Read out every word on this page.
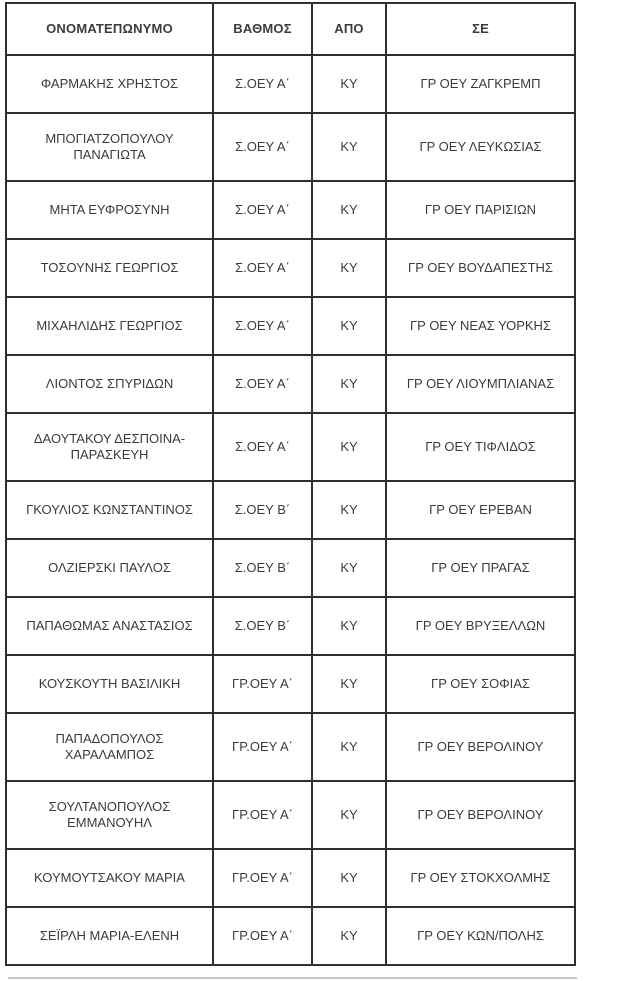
ΟΝΟΜΑΤΕΠΩΝΥΜΟ	ΒΑΘΜΟΣ	ΑΠΟ	ΣΕ
ΦΑΡΜΑΚΗΣ ΧΡΗΣΤΟΣ	Σ.ΟΕΥ Α΄	ΚΥ	ΓΡ ΟΕΥ ΖΑΓΚΡΕΜΠ
ΜΠΟΓΙΑΤΖΟΠΟΥΛΟΥ ΠΑΝΑΓΙΩΤΑ	Σ.ΟΕΥ Α΄	ΚΥ	ΓΡ ΟΕΥ ΛΕΥΚΩΣΙΑΣ
ΜΗΤΑ ΕΥΦΡΟΣΥΝΗ	Σ.ΟΕΥ Α΄	ΚΥ	ΓΡ ΟΕΥ ΠΑΡΙΣΙΩΝ
ΤΟΣΟΥΝΗΣ ΓΕΩΡΓΙΟΣ	Σ.ΟΕΥ Α΄	ΚΥ	ΓΡ ΟΕΥ ΒΟΥΔΑΠΕΣΤΗΣ
ΜΙΧΑΗΛΙΔΗΣ ΓΕΩΡΓΙΟΣ	Σ.ΟΕΥ Α΄	ΚΥ	ΓΡ ΟΕΥ ΝΕΑΣ ΥΟΡΚΗΣ
ΛΙΟΝΤΟΣ ΣΠΥΡΙΔΩΝ	Σ.ΟΕΥ Α΄	ΚΥ	ΓΡ ΟΕΥ ΛΙΟΥΜΠΛΙΑΝΑΣ
ΔΑΟΥΤΑΚΟΥ ΔΕΣΠΟΙΝΑ-ΠΑΡΑΣΚΕΥΗ	Σ.ΟΕΥ Α΄	ΚΥ	ΓΡ ΟΕΥ ΤΙΦΛΙΔΟΣ
ΓΚΟΥΛΙΟΣ ΚΩΝΣΤΑΝΤΙΝΟΣ	Σ.ΟΕΥ Β΄	ΚΥ	ΓΡ ΟΕΥ ΕΡΕΒΑΝ
ΟΛΖΙΕΡΣΚΙ ΠΑΥΛΟΣ	Σ.ΟΕΥ Β΄	ΚΥ	ΓΡ ΟΕΥ ΠΡΑΓΑΣ
ΠΑΠΑΘΩΜΑΣ ΑΝΑΣΤΑΣΙΟΣ	Σ.ΟΕΥ Β΄	ΚΥ	ΓΡ ΟΕΥ ΒΡΥΞΕΛΛΩΝ
ΚΟΥΣΚΟΥΤΗ ΒΑΣΙΛΙΚΗ	ΓΡ.ΟΕΥ Α΄	ΚΥ	ΓΡ ΟΕΥ ΣΟΦΙΑΣ
ΠΑΠΑΔΟΠΟΥΛΟΣ ΧΑΡΑΛΑΜΠΟΣ	ΓΡ.ΟΕΥ Α΄	ΚΥ	ΓΡ ΟΕΥ ΒΕΡΟΛΙΝΟΥ
ΣΟΥΛΤΑΝΟΠΟΥΛΟΣ ΕΜΜΑΝΟΥΗΛ	ΓΡ.ΟΕΥ Α΄	ΚΥ	ΓΡ ΟΕΥ ΒΕΡΟΛΙΝΟΥ
ΚΟΥΜΟΥΤΣΑΚΟΥ ΜΑΡΙΑ	ΓΡ.ΟΕΥ Α΄	ΚΥ	ΓΡ ΟΕΥ ΣΤΟΚΧΟΛΜΗΣ
ΣΕΪΡΛΗ ΜΑΡΙΑ-ΕΛΕΝΗ	ΓΡ.ΟΕΥ Α΄	ΚΥ	ΓΡ ΟΕΥ ΚΩΝ/ΠΟΛΗΣ
